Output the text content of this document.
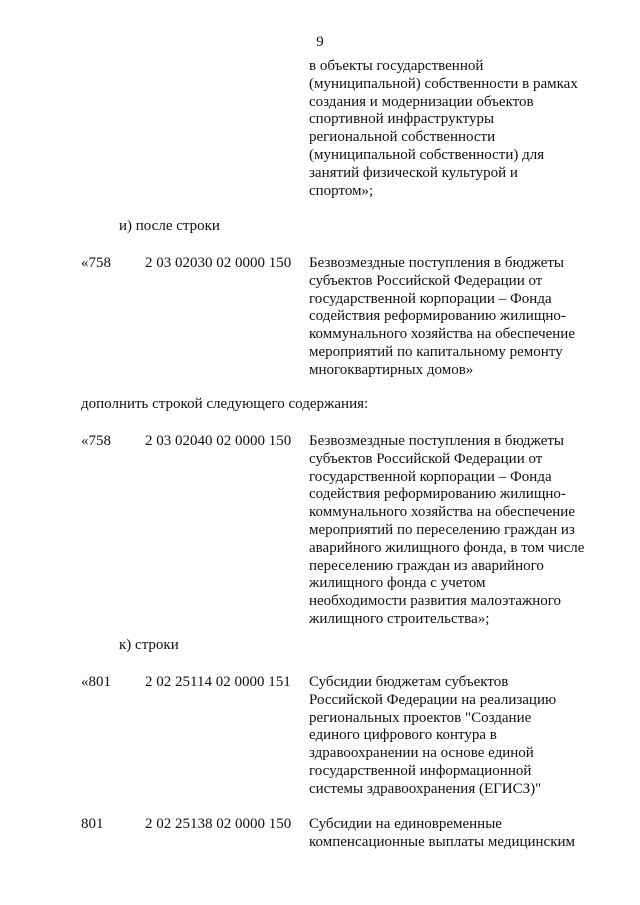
9
в объекты государственной
(муниципальной) собственности в рамках
создания и модернизации объектов
спортивной инфраструктуры
региональной собственности
(муниципальной собственности) для
занятий физической культурой и
спортом»;
и) после строки
«758 2 03 02030 02 0000 150 Безвозмездные поступления в бюджеты
субъектов Российской Федерации от
государственной корпорации – Фонда
содействия реформированию жилищно-
коммунального хозяйства на обеспечение
мероприятий по капитальному ремонту
многоквартирных домов»
дополнить строкой следующего содержания:
«758 2 03 02040 02 0000 150 Безвозмездные поступления в бюджеты
субъектов Российской Федерации от
государственной корпорации – Фонда
содействия реформированию жилищно-
коммунального хозяйства на обеспечение
мероприятий по переселению граждан из
аварийного жилищного фонда, в том числе
переселению граждан из аварийного
жилищного фонда с учетом
необходимости развития малоэтажного
жилищного строительства»;
к) строки
«801 2 02 25114 02 0000 151 Субсидии бюджетам субъектов
Российской Федерации на реализацию
региональных проектов "Создание
единого цифрового контура в
здравоохранении на основе единой
государственной информационной
системы здравоохранения (ЕГИСЗ)"
801	2 02 25138 02 0000 150 Субсидии на единовременные
компенсационные выплаты медицинским
